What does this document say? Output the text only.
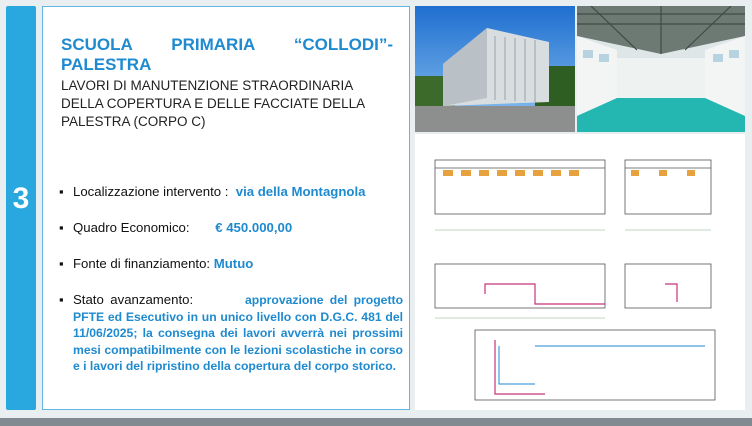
3
SCUOLA PRIMARIA “COLLODI”- PALESTRA
LAVORI DI MANUTENZIONE STRAORDINARIA DELLA COPERTURA E DELLE FACCIATE DELLA PALESTRA (CORPO C)
▪ Localizzazione intervento : via della Montagnola
▪ Quadro Economico: € 450.000,00
▪ Fonte di finanziamento: Mutuo
▪ Stato avanzamento:	approvazione del progetto PFTE ed Esecutivo in un unico livello con D.G.C. 481 del 11/06/2025; la consegna dei lavori avverrà nei prossimi mesi compatibilmente con le lezioni scolastiche in corso e i lavori del ripristino della copertura del corpo storico.
